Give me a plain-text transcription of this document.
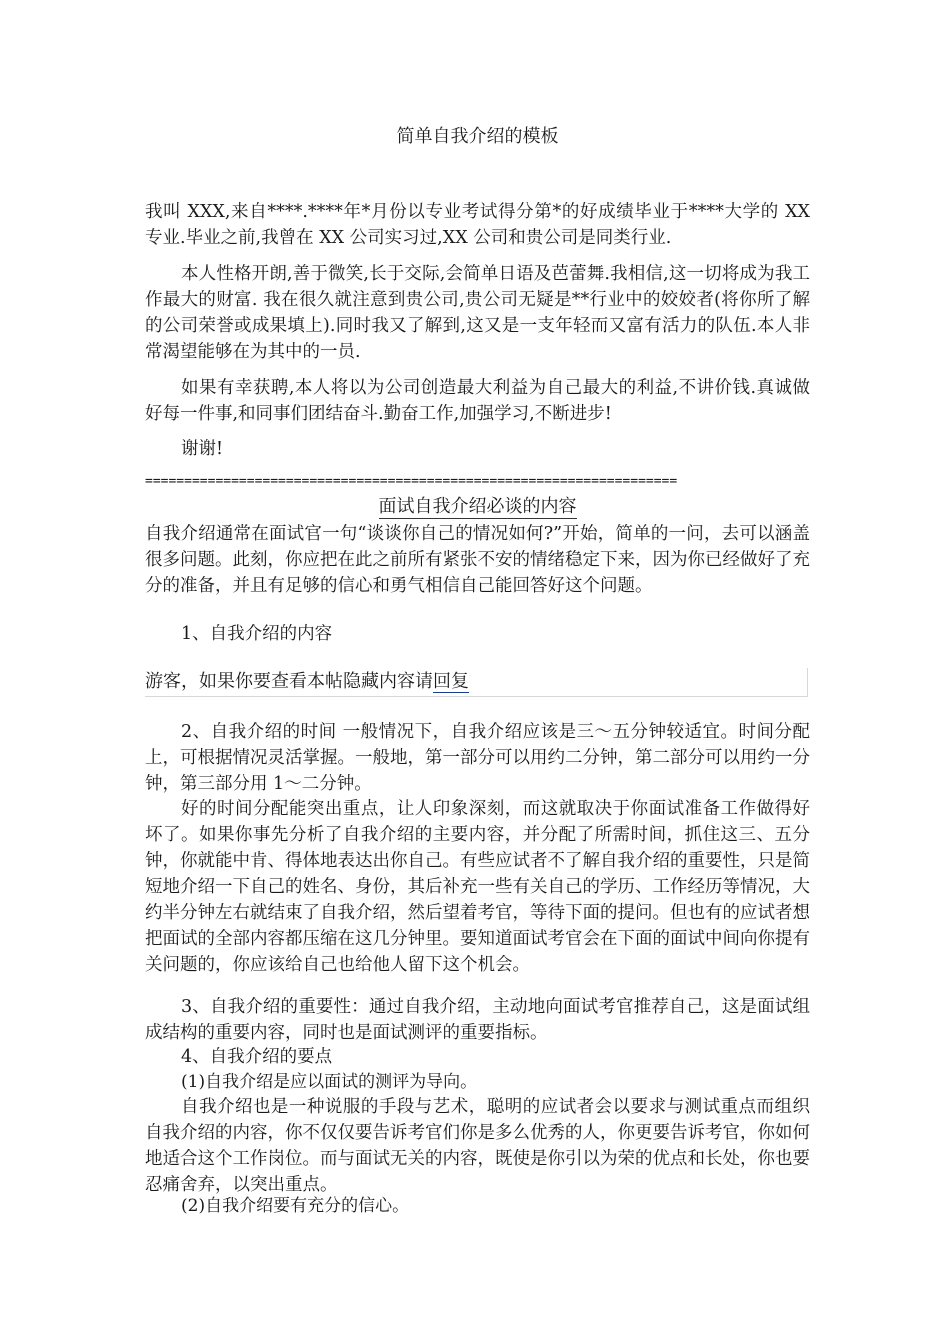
简单自我介绍的模板

我叫 XXX,来自****.****年*月份以专业考试得分第*的好成绩毕业于****大学的 XX 专业.毕业之前,我曾在 XX 公司实习过,XX 公司和贵公司是同类行业.

本人性格开朗,善于微笑,长于交际,会简单日语及芭蕾舞.我相信,这一切将成为我工作最大的财富. 我在很久就注意到贵公司,贵公司无疑是**行业中的姣姣者(将你所了解的公司荣誉或成果填上).同时我又了解到,这又是一支年轻而又富有活力的队伍.本人非常渴望能够在为其中的一员.

如果有幸获聘,本人将以为公司创造最大利益为自己最大的利益,不讲价钱.真诚做好每一件事,和同事们团结奋斗.勤奋工作,加强学习,不断进步!

谢谢!

====================================================================
面试自我介绍必谈的内容

自我介绍通常在面试官一句“谈谈你自己的情况如何?”开始，简单的一问，去可以涵盖很多问题。此刻，你应把在此之前所有紧张不安的情绪稳定下来，因为你已经做好了充分的准备，并且有足够的信心和勇气相信自己能回答好这个问题。

1、自我介绍的内容

游客，如果你要查看本帖隐藏内容请回复

2、自我介绍的时间 一般情况下，自我介绍应该是三～五分钟较适宜。时间分配上，可根据情况灵活掌握。一般地，第一部分可以用约二分钟，第二部分可以用约一分钟，第三部分用 1～二分钟。

好的时间分配能突出重点，让人印象深刻，而这就取决于你面试准备工作做得好坏了。如果你事先分析了自我介绍的主要内容，并分配了所需时间，抓住这三、五分钟，你就能中肯、得体地表达出你自己。有些应试者不了解自我介绍的重要性，只是简短地介绍一下自己的姓名、身份，其后补充一些有关自己的学历、工作经历等情况，大约半分钟左右就结束了自我介绍，然后望着考官，等待下面的提问。但也有的应试者想把面试的全部内容都压缩在这几分钟里。要知道面试考官会在下面的面试中间向你提有关问题的，你应该给自己也给他人留下这个机会。

3、自我介绍的重要性：通过自我介绍，主动地向面试考官推荐自己，这是面试组成结构的重要内容，同时也是面试测评的重要指标。

4、自我介绍的要点

(1)自我介绍是应以面试的测评为导向。

自我介绍也是一种说服的手段与艺术，聪明的应试者会以要求与测试重点而组织自我介绍的内容，你不仅仅要告诉考官们你是多么优秀的人，你更要告诉考官，你如何地适合这个工作岗位。而与面试无关的内容，既使是你引以为荣的优点和长处，你也要忍痛舍弃，以突出重点。

(2)自我介绍要有充分的信心。
